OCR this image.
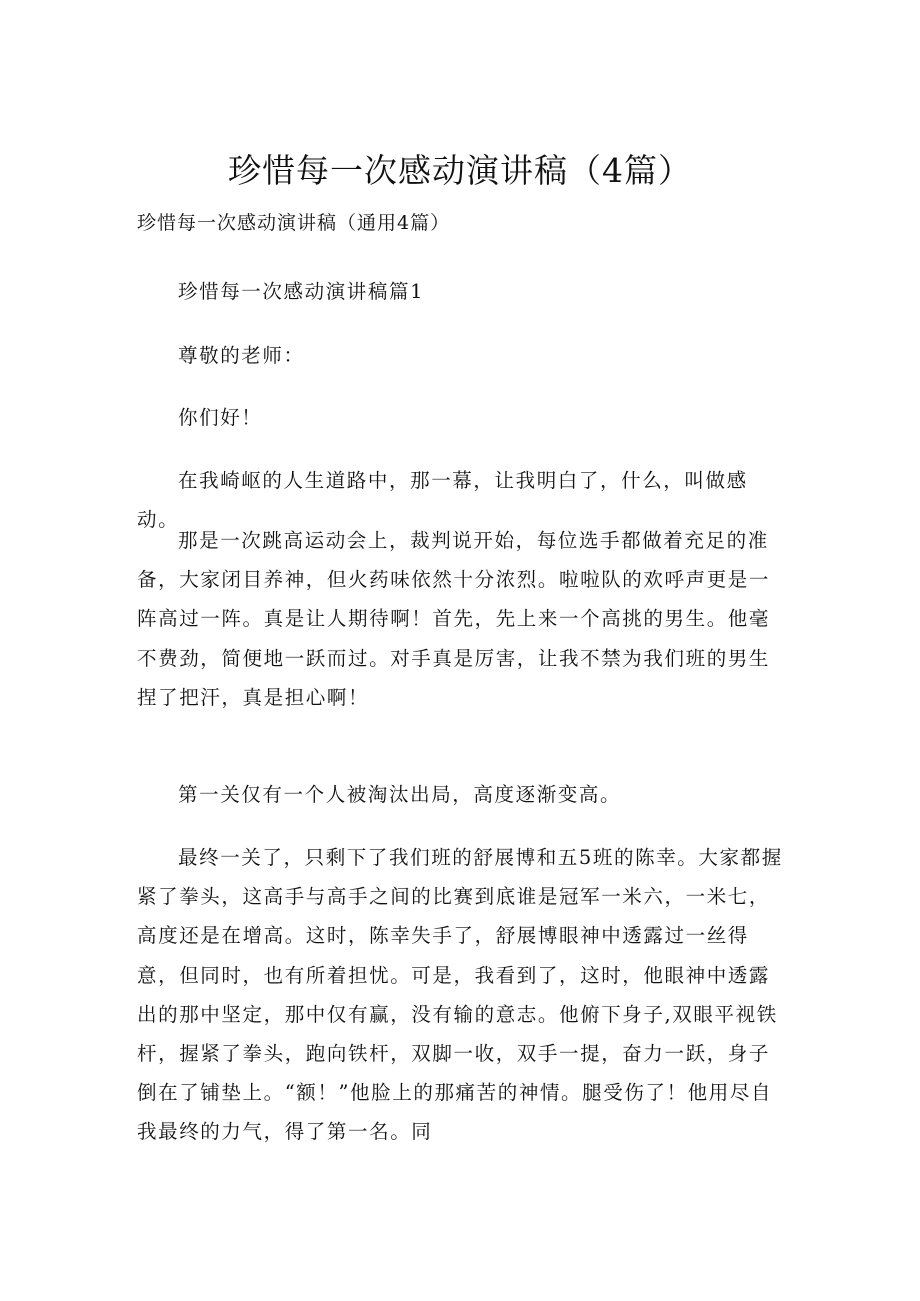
珍惜每一次感动演讲稿（4篇）

珍惜每一次感动演讲稿（通用4篇）

珍惜每一次感动演讲稿篇1

尊敬的老师：

你们好！

在我崎岖的人生道路中，那一幕，让我明白了，什么，叫做感动。

那是一次跳高运动会上，裁判说开始，每位选手都做着充足的准备，大家闭目养神，但火药味依然十分浓烈。啦啦队的欢呼声更是一阵高过一阵。真是让人期待啊！首先，先上来一个高挑的男生。他毫不费劲，简便地一跃而过。对手真是厉害，让我不禁为我们班的男生捏了把汗，真是担心啊！

第一关仅有一个人被淘汰出局，高度逐渐变高。

最终一关了，只剩下了我们班的舒展博和五5班的陈幸。大家都握紧了拳头，这高手与高手之间的比赛到底谁是冠军一米六，一米七，高度还是在增高。这时，陈幸失手了，舒展博眼神中透露过一丝得意，但同时，也有所着担忧。可是，我看到了，这时，他眼神中透露出的那中坚定，那中仅有赢，没有输的意志。他俯下身子,双眼平视铁杆，握紧了拳头，跑向铁杆，双脚一收，双手一提，奋力一跃，身子倒在了铺垫上。“额！”他脸上的那痛苦的神情。腿受伤了！他用尽自我最终的力气，得了第一名。同
